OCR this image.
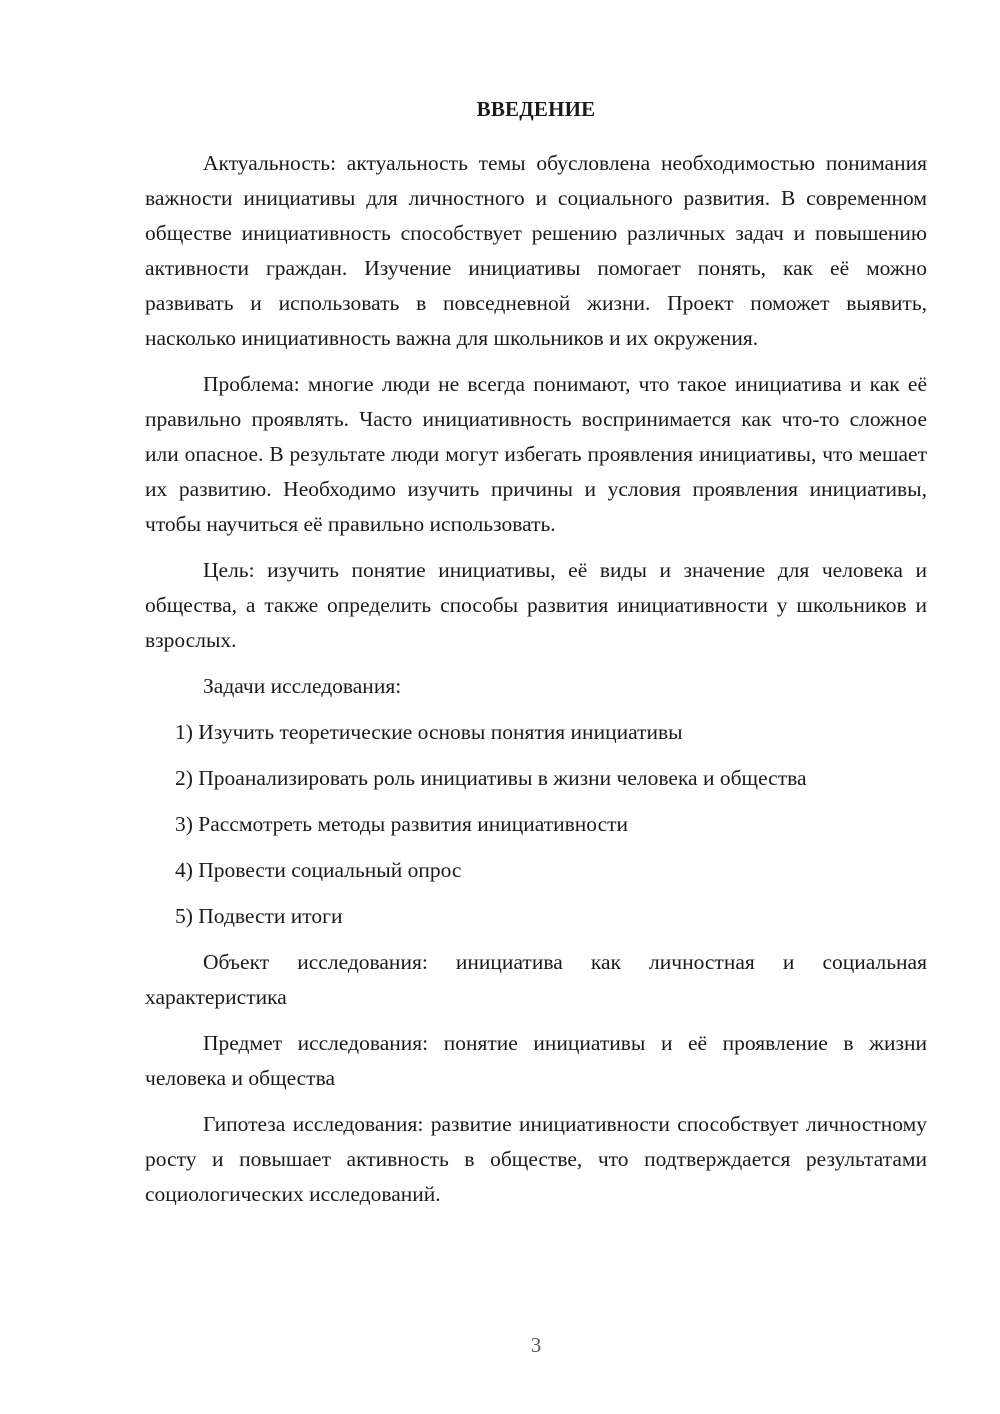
ВВЕДЕНИЕ

Актуальность: актуальность темы обусловлена необходимостью понимания важности инициативы для личностного и социального развития. В современном обществе инициативность способствует решению различных задач и повышению активности граждан. Изучение инициативы помогает понять, как её можно развивать и использовать в повседневной жизни. Проект поможет выявить, насколько инициативность важна для школьников и их окружения.

Проблема: многие люди не всегда понимают, что такое инициатива и как её правильно проявлять. Часто инициативность воспринимается как что-то сложное или опасное. В результате люди могут избегать проявления инициативы, что мешает их развитию. Необходимо изучить причины и условия проявления инициативы, чтобы научиться её правильно использовать.

Цель: изучить понятие инициативы, её виды и значение для человека и общества, а также определить способы развития инициативности у школьников и взрослых.

Задачи исследования:

1) Изучить теоретические основы понятия инициативы
2) Проанализировать роль инициативы в жизни человека и общества
3) Рассмотреть методы развития инициативности
4) Провести социальный опрос
5) Подвести итоги

Объект исследования: инициатива как личностная и социальная характеристика

Предмет исследования: понятие инициативы и её проявление в жизни человека и общества

Гипотеза исследования: развитие инициативности способствует личностному росту и повышает активность в обществе, что подтверждается результатами социологических исследований.

3
